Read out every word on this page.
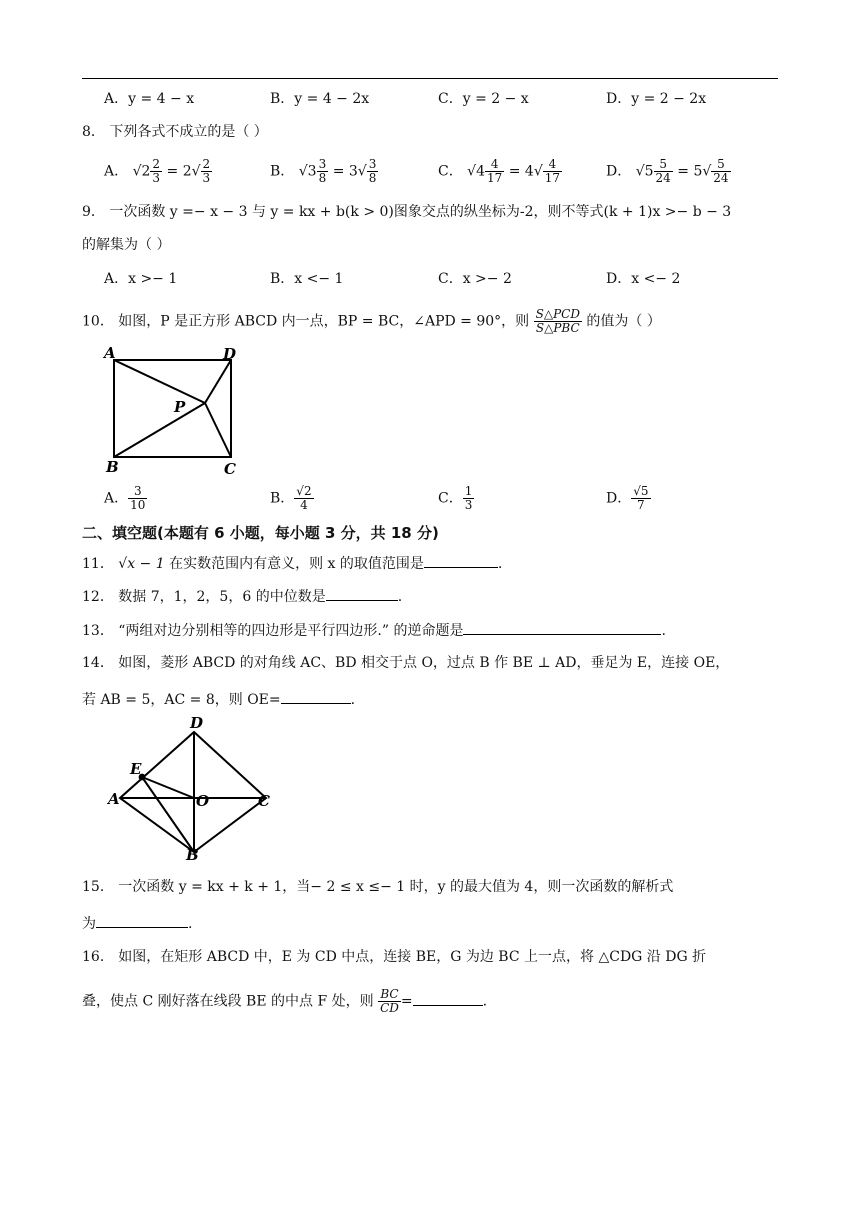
A．y = 4 − x	B．y = 4 − 2x	C．y = 2 − x	D．y = 2 − 2x
8． 下列各式不成立的是（ ）
A． $√2 \frac{2}{3} = 2√ \frac{2}{3}$	B． $√3 \frac{3}{8} = 3√ \frac{3}{8}$	C． $√4 \frac{4}{17} = 4√ \frac{4}{17}$	D． $√5 \frac{5}{24} = 5√ \frac{5}{24}$
9． 一次函数 y =− x − 3 与 y = kx + b(k > 0)图象交点的纵坐标为-2，则不等式(k + 1)x >− b − 3
的解集为（ ）
A．x >− 1	B．x <− 1	C．x >− 2	D．x <− 2
10． 如图，P 是正方形 ABCD 内一点，BP = BC，∠APD = 90°，则 $\frac{\text{S△PCD}}{\text{S△PBC}}$ 的值为（ ）
A	D
P
B	C
A． $\frac{3}{10}$	B． $\frac{√2}{4}$	C． $\frac{1}{3}$	D． $\frac{√5}{7}$
二、填空题(本题有 6 小题，每小题 3 分，共 18 分)
11． √x − 1 在实数范围内有意义，则 x 的取值范围是	.
12． 数据 7，1，2，5，6 的中位数是	.
13． “两组对边分别相等的四边形是平行四边形.” 的逆命题是	.
14． 如图，菱形 ABCD 的对角线 AC、BD 相交于点 O，过点 B 作 BE ⊥ AD，垂足为 E，连接 OE，
若 AB = 5，AC = 8，则 OE=	.
D
E
A	O	C
B
15． 一次函数 y = kx + k + 1，当− 2 ≤ x ≤− 1 时，y 的最大值为 4，则一次函数的解析式
为	.
16． 如图，在矩形 ABCD 中，E 为 CD 中点，连接 BE，G 为边 BC 上一点，将 △CDG 沿 DG 折
叠，使点 C 刚好落在线段 BE 的中点 F 处，则 $\frac{BC}{CD}$ =	.
